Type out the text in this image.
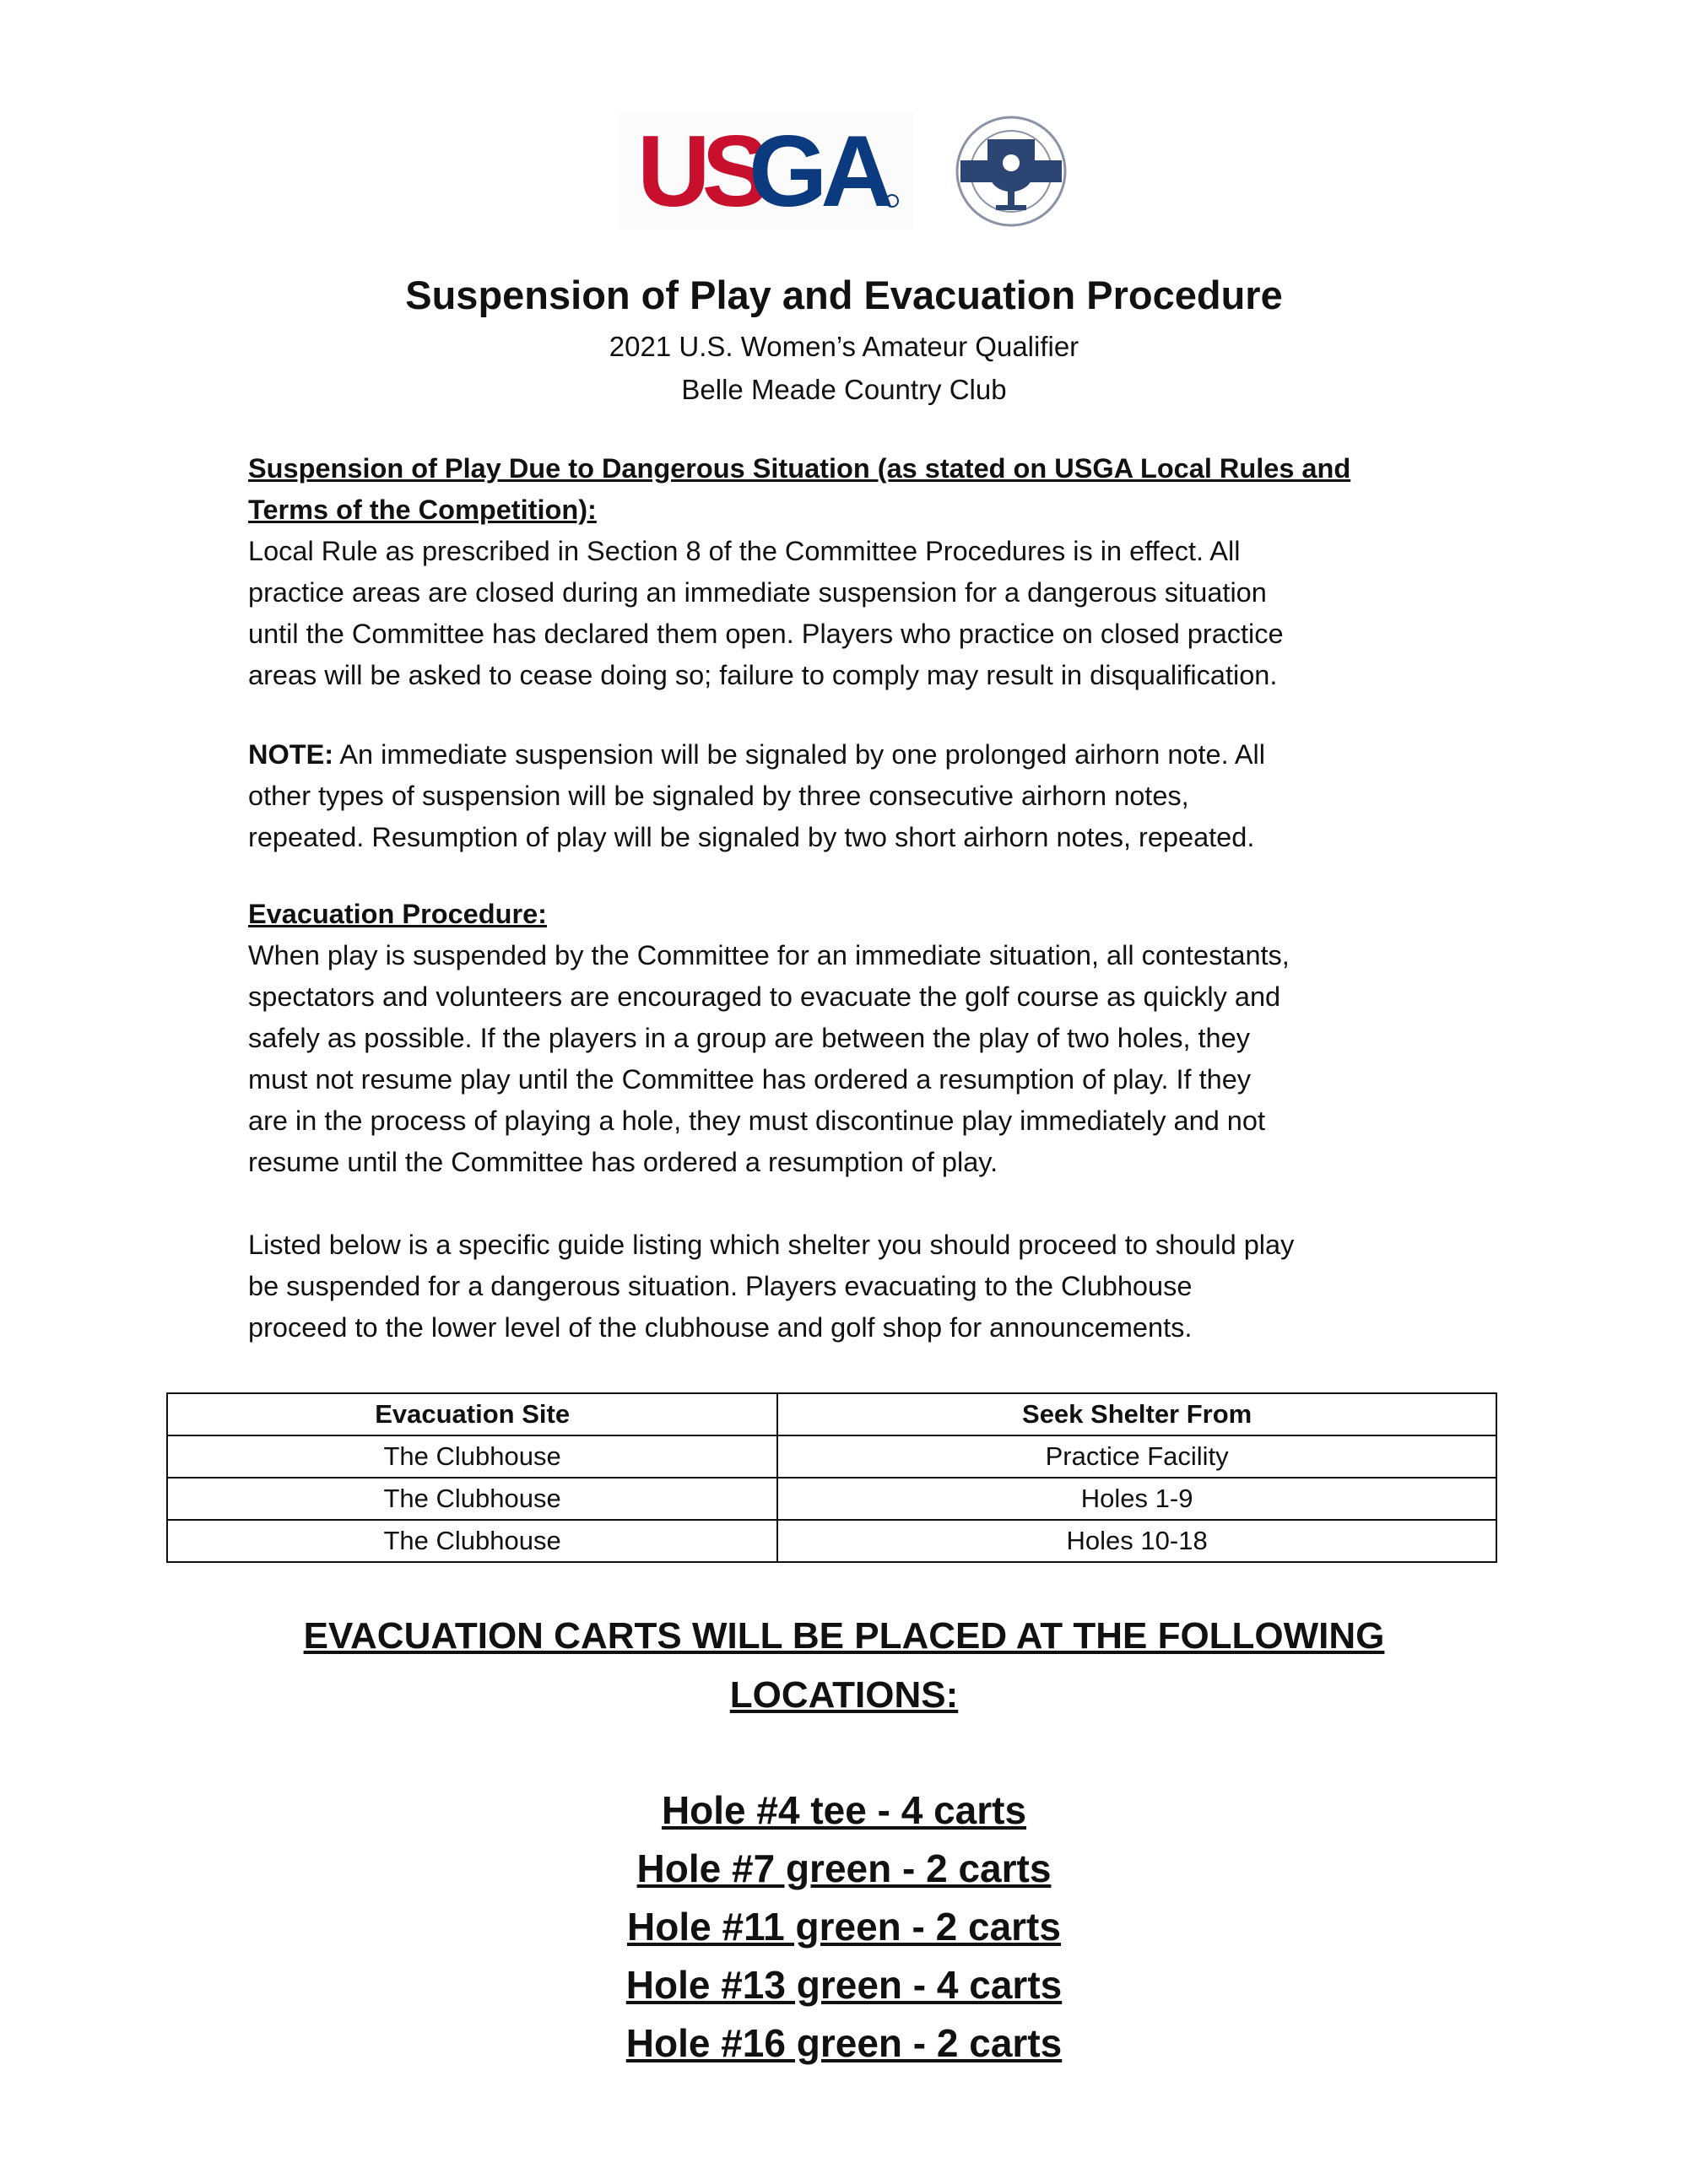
US
GA
Suspension of Play and Evacuation Procedure
2021 U.S. Women’s Amateur Qualifier
Belle Meade Country Club
Suspension of Play Due to Dangerous Situation (as stated on USGA Local Rules and
Terms of the Competition):
Local Rule as prescribed in Section 8 of the Committee Procedures is in effect. All
practice areas are closed during an immediate suspension for a dangerous situation
until the Committee has declared them open. Players who practice on closed practice
areas will be asked to cease doing so; failure to comply may result in disqualification.
NOTE: An immediate suspension will be signaled by one prolonged airhorn note. All
other types of suspension will be signaled by three consecutive airhorn notes,
repeated. Resumption of play will be signaled by two short airhorn notes, repeated.
Evacuation Procedure:
When play is suspended by the Committee for an immediate situation, all contestants,
spectators and volunteers are encouraged to evacuate the golf course as quickly and
safely as possible. If the players in a group are between the play of two holes, they
must not resume play until the Committee has ordered a resumption of play. If they
are in the process of playing a hole, they must discontinue play immediately and not
resume until the Committee has ordered a resumption of play.
Listed below is a specific guide listing which shelter you should proceed to should play
be suspended for a dangerous situation. Players evacuating to the Clubhouse
proceed to the lower level of the clubhouse and golf shop for announcements.
Evacuation Site	Seek Shelter From
The Clubhouse	Practice Facility
The Clubhouse	Holes 1-9
The Clubhouse	Holes 10-18
EVACUATION CARTS WILL BE PLACED AT THE FOLLOWING
LOCATIONS:
Hole #4 tee - 4 carts
Hole #7 green - 2 carts
Hole #11 green - 2 carts
Hole #13 green - 4 carts
Hole #16 green - 2 carts
